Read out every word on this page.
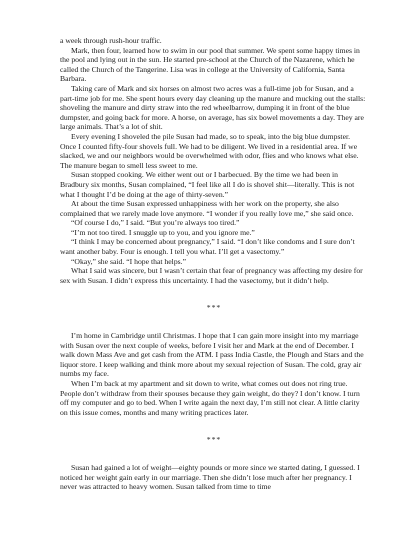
a week through rush-hour traffic.

Mark, then four, learned how to swim in our pool that summer. We spent some happy times in the pool and lying out in the sun. He started pre-school at the Church of the Nazarene, which he called the Church of the Tangerine. Lisa was in college at the University of California, Santa Barbara.

Taking care of Mark and six horses on almost two acres was a full-time job for Susan, and a part-time job for me. She spent hours every day cleaning up the manure and mucking out the stalls: shoveling the manure and dirty straw into the red wheelbarrow, dumping it in front of the blue dumpster, and going back for more. A horse, on average, has six bowel movements a day. They are large animals. That’s a lot of shit.

Every evening I shoveled the pile Susan had made, so to speak, into the big blue dumpster. Once I counted fifty-four shovels full. We had to be diligent. We lived in a residential area. If we slacked, we and our neighbors would be overwhelmed with odor, flies and who knows what else. The manure began to smell less sweet to me.

Susan stopped cooking. We either went out or I barbecued. By the time we had been in Bradbury six months, Susan complained, “I feel like all I do is shovel shit—literally. This is not what I thought I’d be doing at the age of thirty-seven.”

At about the time Susan expressed unhappiness with her work on the property, she also complained that we rarely made love anymore. “I wonder if you really love me,” she said once.

“Of course I do,” I said. “But you’re always too tired.”

“I’m not too tired. I snuggle up to you, and you ignore me.”

“I think I may be concerned about pregnancy,” I said. “I don’t like condoms and I sure don’t want another baby. Four is enough. I tell you what. I’ll get a vasectomy.”

“Okay,” she said. “I hope that helps.”

What I said was sincere, but I wasn’t certain that fear of pregnancy was affecting my desire for sex with Susan. I didn’t express this uncertainty. I had the vasectomy, but it didn’t help.

***

I’m home in Cambridge until Christmas. I hope that I can gain more insight into my marriage with Susan over the next couple of weeks, before I visit her and Mark at the end of December. I walk down Mass Ave and get cash from the ATM. I pass India Castle, the Plough and Stars and the liquor store. I keep walking and think more about my sexual rejection of Susan. The cold, gray air numbs my face.

When I’m back at my apartment and sit down to write, what comes out does not ring true. People don’t withdraw from their spouses because they gain weight, do they? I don’t know. I turn off my computer and go to bed. When I write again the next day, I’m still not clear. A little clarity on this issue comes, months and many writing practices later.

***

Susan had gained a lot of weight—eighty pounds or more since we started dating, I guessed. I noticed her weight gain early in our marriage. Then she didn’t lose much after her pregnancy. I never was attracted to heavy women. Susan talked from time to time
